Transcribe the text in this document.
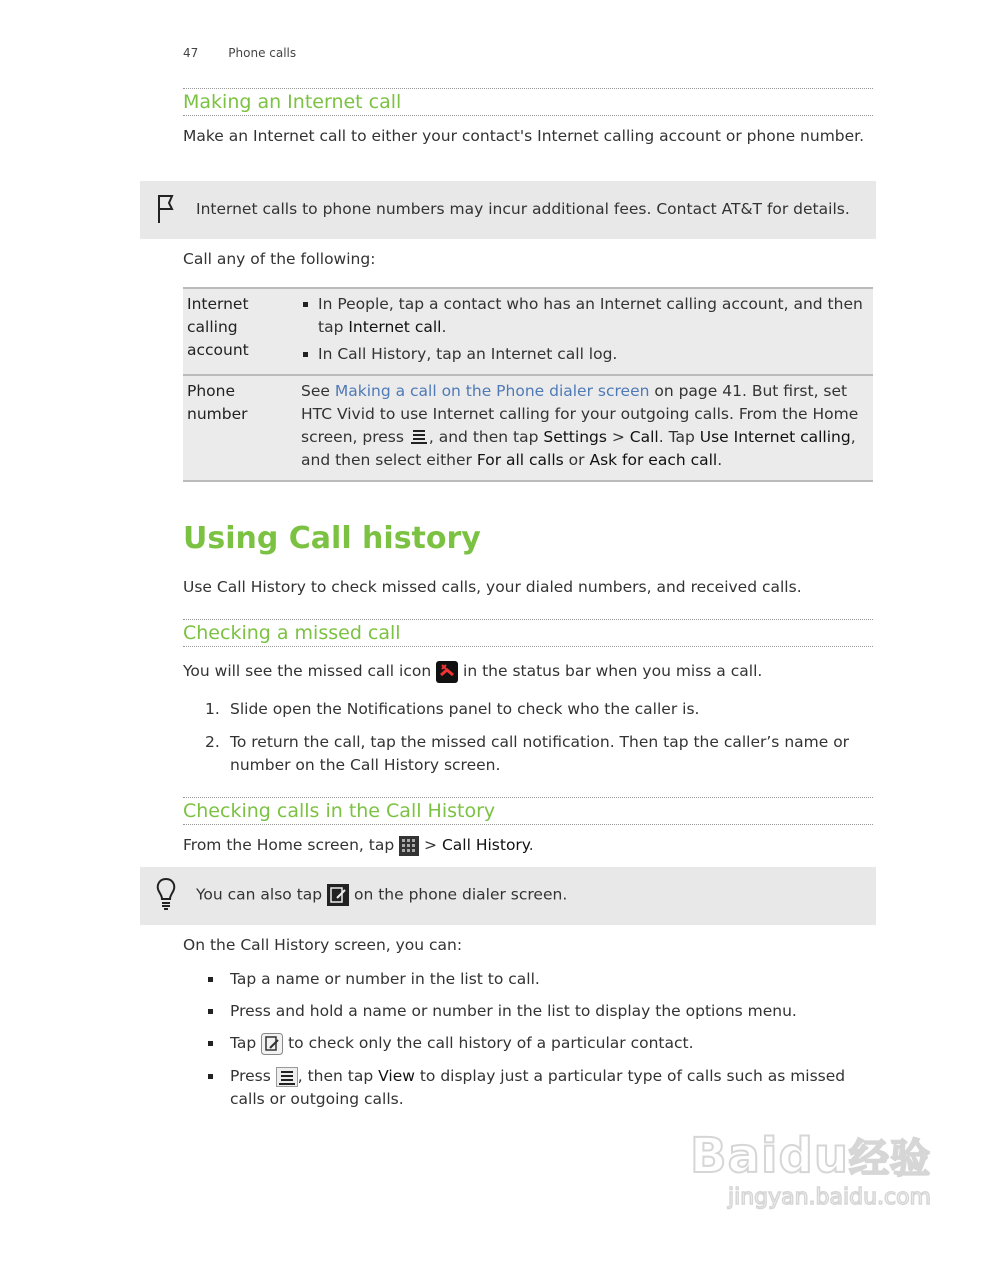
47	Phone calls
Making an Internet call
Make an Internet call to either your contact's Internet calling account or phone number.
Internet calls to phone numbers may incur additional fees. Contact AT&T for details.
Call any of the following:
Internet calling account	In People, tap a contact who has an Internet calling account, and then tap Internet call.
In Call History, tap an Internet call log.

Phone number	See Making a call on the Phone dialer screen on page 41. But first, set HTC Vivid to use Internet calling for your outgoing calls. From the Home screen, press , and then tap Settings > Call. Tap Use Internet calling, and then select either For all calls or Ask for each call.
Using Call history
Use Call History to check missed calls, your dialed numbers, and received calls.
Checking a missed call
You will see the missed call icon  in the status bar when you miss a call.
1. Slide open the Notifications panel to check who the caller is.
2. To return the call, tap the missed call notification. Then tap the caller’s name or number on the Call History screen.
Checking calls in the Call History
From the Home screen, tap  > Call History.
You can also tap  on the phone dialer screen.
On the Call History screen, you can:
Tap a name or number in the list to call.
Press and hold a name or number in the list to display the options menu.
Tap  to check only the call history of a particular contact.
Press , then tap View to display just a particular type of calls such as missed calls or outgoing calls.
Baidu经验
jingyan.baidu.com
